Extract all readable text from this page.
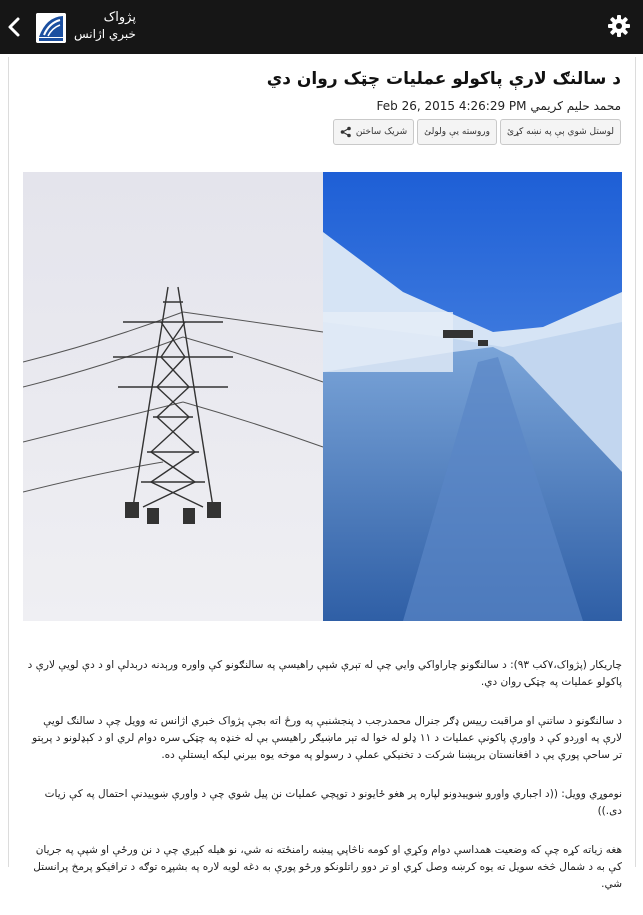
پژواک
خبري اژانس
د سالنګ لارې پاکولو عملیات چټک روان دي
Feb 26, 2015 4:26:29 PM محمد حلیم کریمي
شریک ساختن وروسته يې ولولئ لوستل شوي ېې په نښه کړئ

چاریکار (پژواک،۷کب ۹۳): د سالنګونو چاراواکي وايي چې له تېرې شپې راهیسې په سالنګونو کې واوره ورېدنه دربدلې او د دې لويې لارې د پاکولو عملیات په چټکۍ روان دي.

د سالنګونو د ساتنې او مراقبت ریيس ډګر جنرال محمدرجب د پنجشنبې په ورځ اته بجې پژواک خبري اژانس ته وویل چې د سالنګ لویې لارې په اوږدو کې د واورې پاکونې عملیات د ۱۱ ډلو له خوا له تېر ماښیګر راهیسې بې له خنډه په چټکۍ سره دوام لري او د کېډلونو د پرېتو تر ساحې پورې يې د افغانستان برېښنا شرکت د تخنیکي عملې د رسولو په موخه يوه بیرني لیکه ایستلې ده.

نوموړي وویل: ((د اجباري واورو ښوییدونو لپاره پر هغو ځایونو د توپچي عملیات نن پیل شوي چې د واورې ښوییدنې احتمال په کې زيات دی.))

هغه زیاته کړه چې که وضعیت همداسې دوام وکړي او کومه ناڅاپي پیښه رامنځته نه شي، نو هیله کېږي چې د نن ورځې او شپې په جریان کې به د شمال څخه سویل ته یوه کرښه وصل کړي او تر دوو راتلونکو ورځو پورې به دغه لویه لاره په بشپړه توګه د ترافیکو پرمخ پرانستل شي.
